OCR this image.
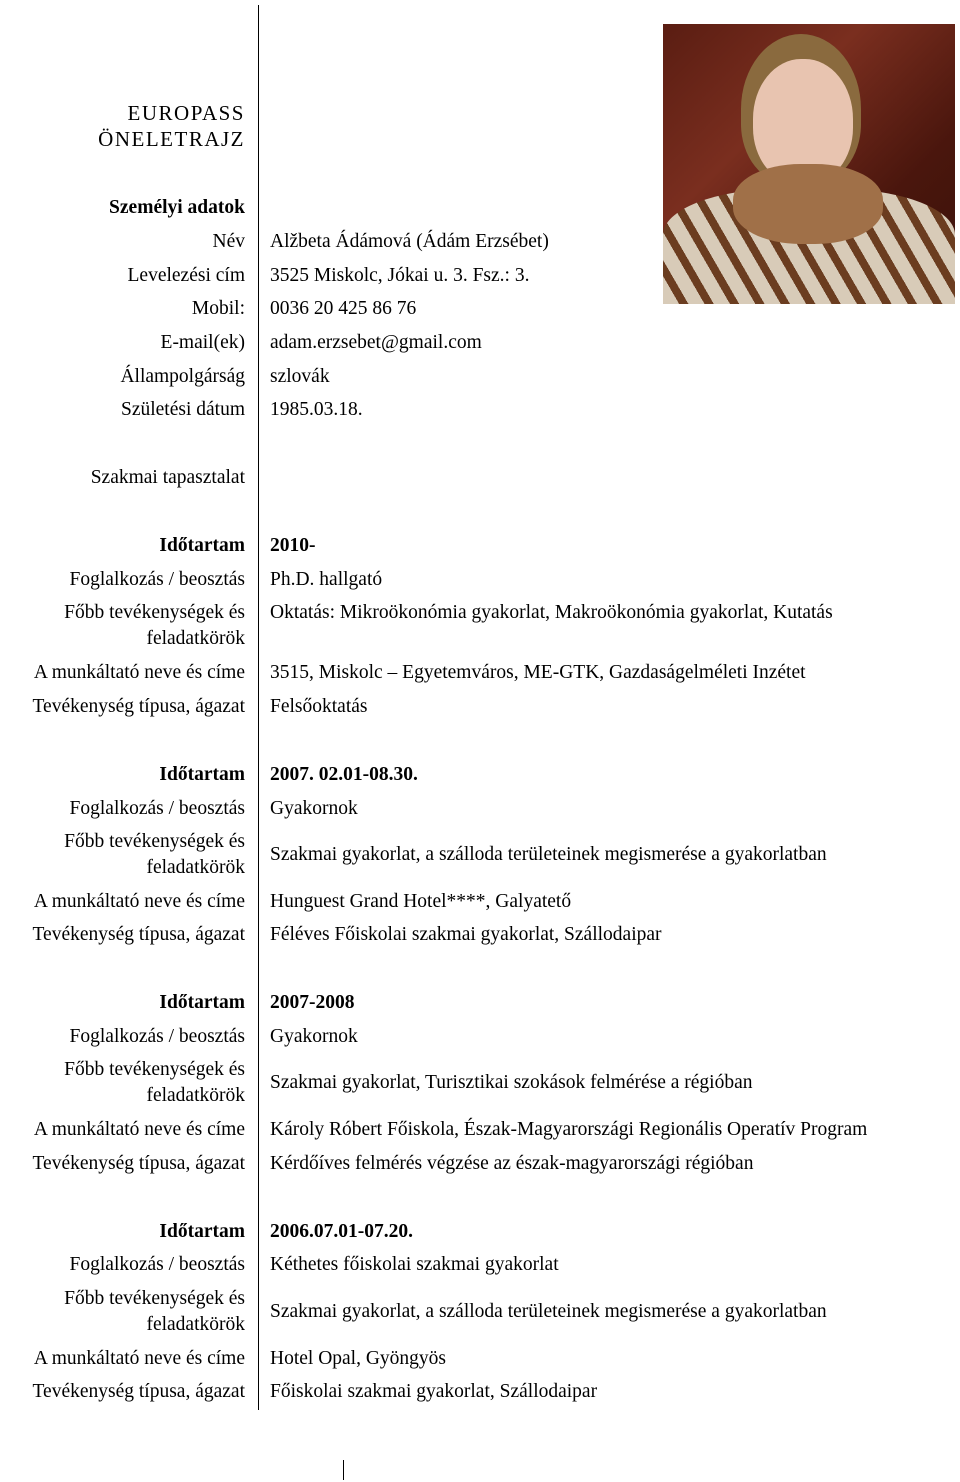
EUROPASS
ÖNELETRAJZ
Személyi adatok
Név Alžbeta Ádámová (Ádám Erzsébet)
Levelezési cím 3525 Miskolc, Jókai u. 3. Fsz.: 3.
Mobil: 0036 20 425 86 76
E-mail(ek) adam.erzsebet@gmail.com
Állampolgárság szlovák
Születési dátum 1985.03.18.
Szakmai tapasztalat
Időtartam 2010-
Foglalkozás / beosztás Ph.D. hallgató
Főbb tevékenységek és feladatkörök
Oktatás: Mikroökonómia gyakorlat, Makroökonómia gyakorlat, Kutatás
A munkáltató neve és címe 3515, Miskolc – Egyetemváros, ME-GTK, Gazdaságelméleti Inzétet
Tevékenység típusa, ágazat Felsőoktatás
Időtartam 2007. 02.01-08.30.
Foglalkozás / beosztás Gyakornok
Főbb tevékenységek és feladatkörök
Szakmai gyakorlat, a szálloda területeinek megismerése a gyakorlatban
A munkáltató neve és címe Hunguest Grand Hotel****, Galyatető
Tevékenység típusa, ágazat Féléves Főiskolai szakmai gyakorlat, Szállodaipar
Időtartam 2007-2008
Foglalkozás / beosztás Gyakornok
Főbb tevékenységek és feladatkörök
Szakmai gyakorlat, Turisztikai szokások felmérése a régióban
A munkáltató neve és címe Károly Róbert Főiskola, Észak-Magyarországi Regionális Operatív Program
Tevékenység típusa, ágazat Kérdőíves felmérés végzése az észak-magyarországi régióban
Időtartam 2006.07.01-07.20.
Foglalkozás / beosztás Kéthetes főiskolai szakmai gyakorlat
Főbb tevékenységek és feladatkörök
Szakmai gyakorlat, a szálloda területeinek megismerése a gyakorlatban
A munkáltató neve és címe Hotel Opal, Gyöngyös
Tevékenység típusa, ágazat Főiskolai szakmai gyakorlat, Szállodaipar
